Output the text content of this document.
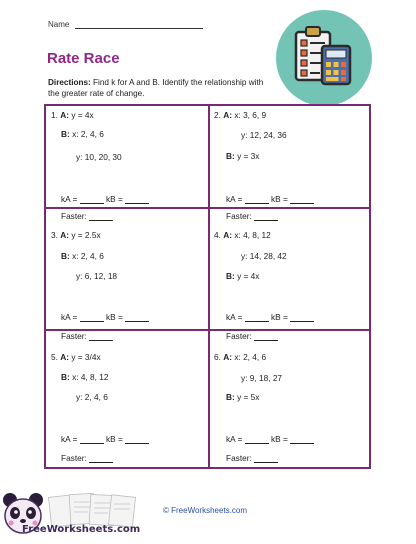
Name
Rate Race
Directions: Find k for A and B. Identify the relationship with the greater rate of change.
1. A: y = 4x
B: x: 2, 4, 6
y: 10, 20, 30
kA =	kB =
Faster:
2. A: x: 3, 6, 9
y: 12, 24, 36
B: y = 3x
kA =	kB =
Faster:
3. A: y = 2.5x
B: x: 2, 4, 6
y: 6, 12, 18
kA =	kB =
Faster:
4. A: x: 4, 8, 12
y: 14, 28, 42
B: y = 4x
kA =	kB =
Faster:
5. A: y = 3/4x
B: x: 4, 8, 12
y: 2, 4, 6
kA =	kB =
Faster:
6. A: x: 2, 4, 6
y: 9, 18, 27
B: y = 5x
kA =	kB =
Faster:
FreeWorksheets.com
© FreeWorksheets.com
